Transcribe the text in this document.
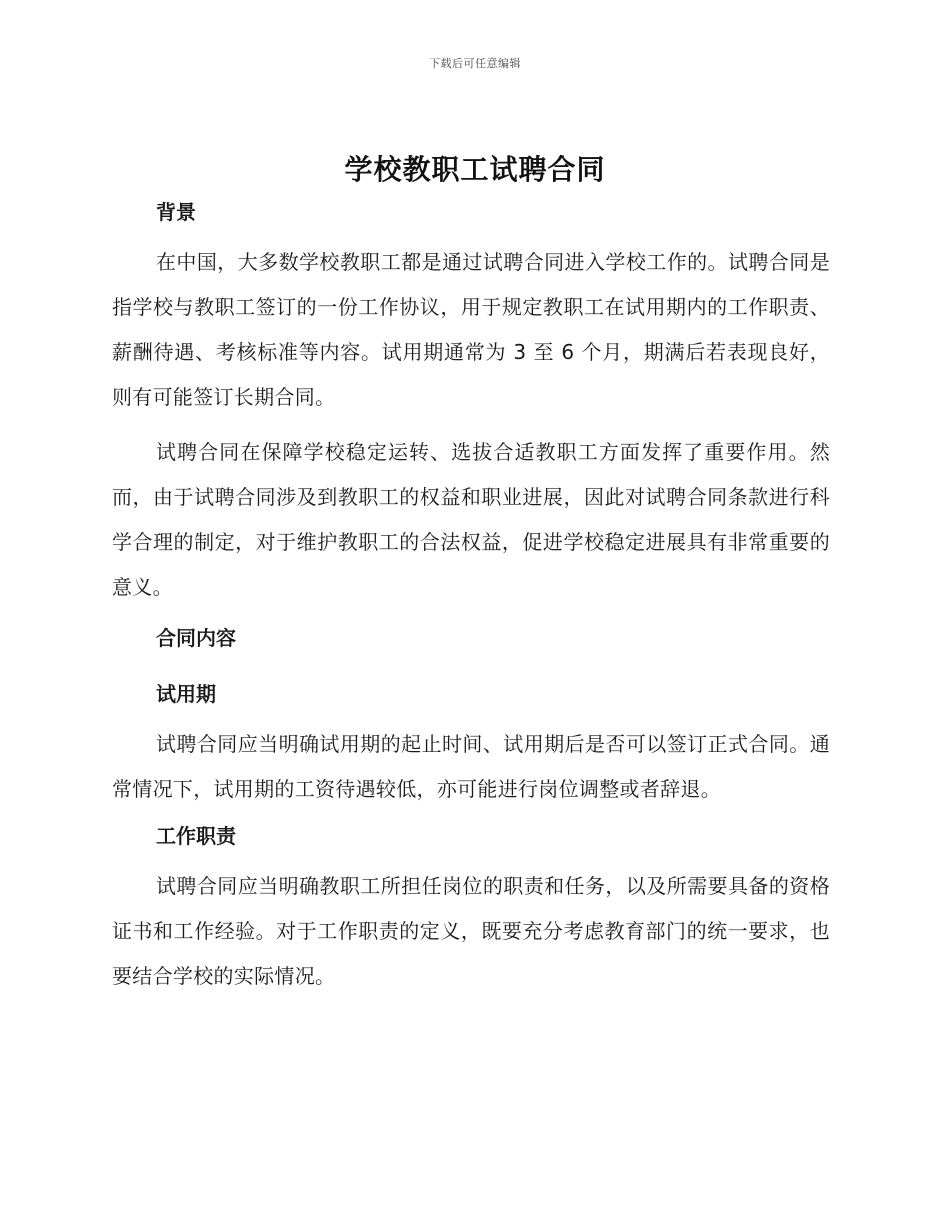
下载后可任意编辑
学校教职工试聘合同

背景

在中国，大多数学校教职工都是通过试聘合同进入学校工作的。试聘合同是指学校与教职工签订的一份工作协议，用于规定教职工在试用期内的工作职责、薪酬待遇、考核标准等内容。试用期通常为 3 至 6 个月，期满后若表现良好，则有可能签订长期合同。

试聘合同在保障学校稳定运转、选拔合适教职工方面发挥了重要作用。然而，由于试聘合同涉及到教职工的权益和职业进展，因此对试聘合同条款进行科学合理的制定，对于维护教职工的合法权益，促进学校稳定进展具有非常重要的意义。

合同内容

试用期

试聘合同应当明确试用期的起止时间、试用期后是否可以签订正式合同。通常情况下，试用期的工资待遇较低，亦可能进行岗位调整或者辞退。

工作职责

试聘合同应当明确教职工所担任岗位的职责和任务，以及所需要具备的资格证书和工作经验。对于工作职责的定义，既要充分考虑教育部门的统一要求，也要结合学校的实际情况。
